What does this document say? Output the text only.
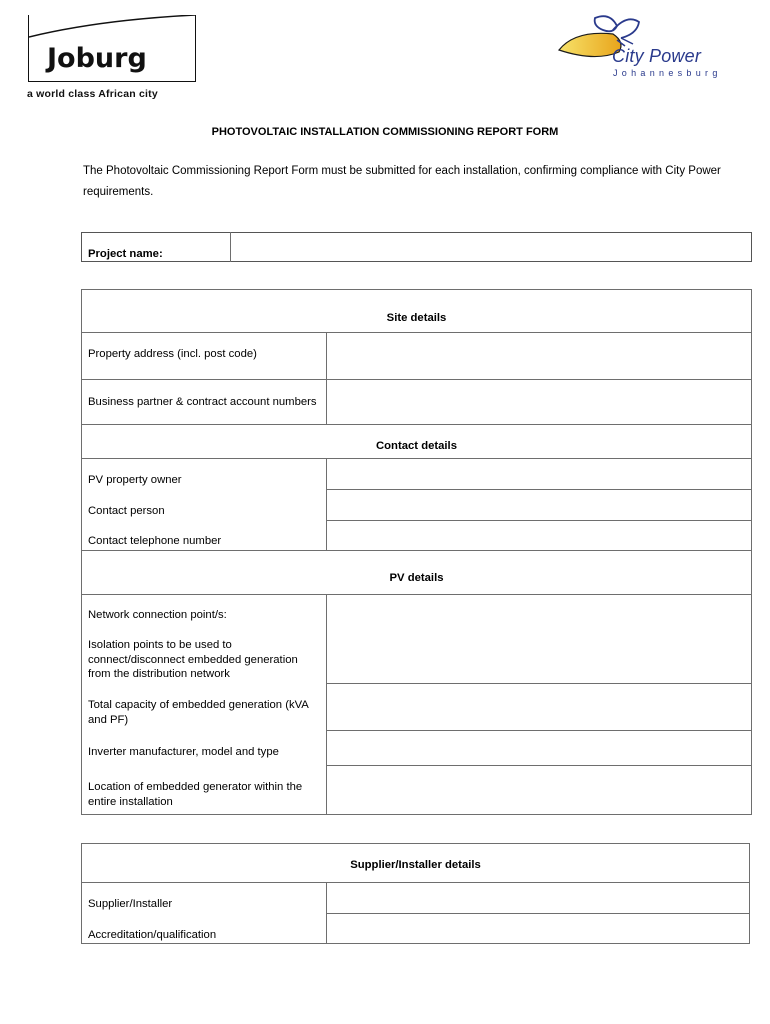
Joburg
a world class African city
City Power
Johannesburg
PHOTOVOLTAIC INSTALLATION COMMISSIONING REPORT FORM
The Photovoltaic Commissioning Report Form must be submitted for each installation, confirming compliance with City Power requirements.
Project name:
Site details
Contact details
PV details
Property address (incl. post code)
Business partner & contract account numbers
PV property owner
Contact person
Contact telephone number
Network connection point/s:
Isolation points to be used to connect/disconnect embedded generation from the distribution network
Total capacity of embedded generation (kVA and PF)
Inverter manufacturer, model and type
Location of embedded generator within the entire installation
Supplier/Installer details
Supplier/Installer
Accreditation/qualification
